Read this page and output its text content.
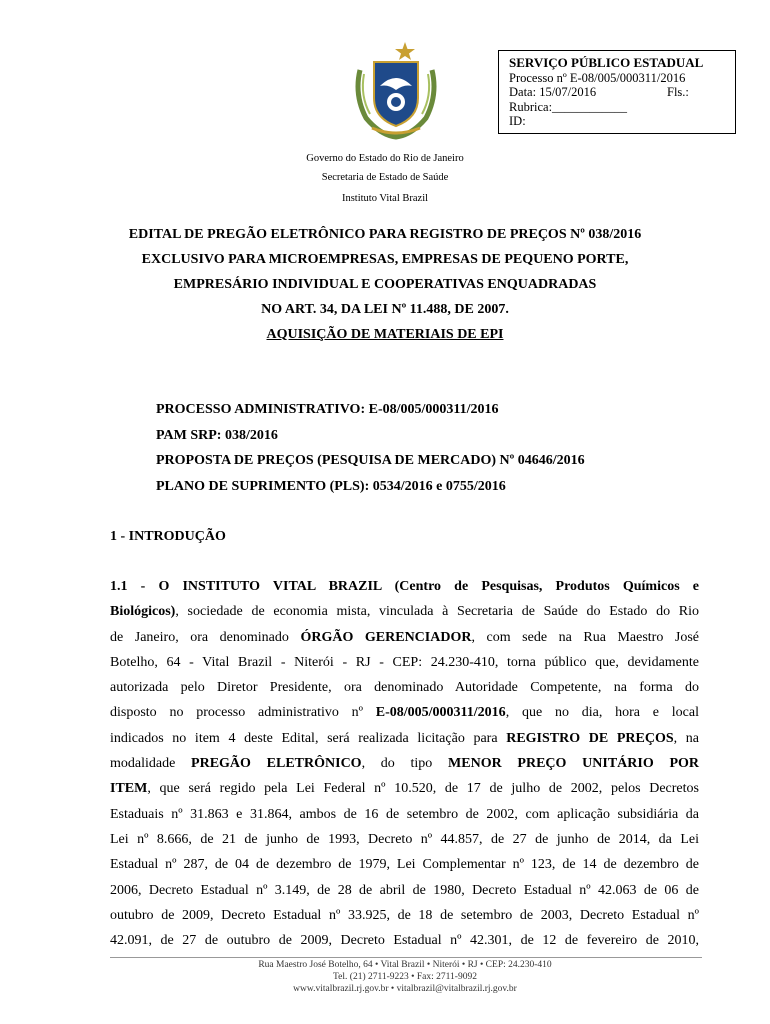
SERVIÇO PÚBLICO ESTADUAL
Processo nº E-08/005/000311/2016
Data: 15/07/2016	Fls.:
Rubrica:____________
ID:
Governo do Estado do Rio de Janeiro
Secretaria de Estado de Saúde
Instituto Vital Brazil
EDITAL DE PREGÃO ELETRÔNICO PARA REGISTRO DE PREÇOS Nº 038/2016
EXCLUSIVO PARA MICROEMPRESAS, EMPRESAS DE PEQUENO PORTE,
EMPRESÁRIO INDIVIDUAL E COOPERATIVAS ENQUADRADAS
NO ART. 34, DA LEI Nº 11.488, DE 2007.
AQUISIÇÃO DE MATERIAIS DE EPI
PROCESSO ADMINISTRATIVO: E-08/005/000311/2016
PAM SRP: 038/2016
PROPOSTA DE PREÇOS (PESQUISA DE MERCADO) Nº 04646/2016
PLANO DE SUPRIMENTO (PLS): 0534/2016 e 0755/2016
1 - INTRODUÇÃO
1.1 - O INSTITUTO VITAL BRAZIL (Centro de Pesquisas, Produtos Químicos e
Biológicos), sociedade de economia mista, vinculada à Secretaria de Saúde do Estado do Rio
de Janeiro, ora denominado ÓRGÃO GERENCIADOR, com sede na Rua Maestro José
Botelho, 64 - Vital Brazil - Niterói - RJ - CEP: 24.230-410, torna público que, devidamente
autorizada pelo Diretor Presidente, ora denominado Autoridade Competente, na forma do
disposto no processo administrativo nº E-08/005/000311/2016, que no dia, hora e local
indicados no item 4 deste Edital, será realizada licitação para REGISTRO DE PREÇOS, na
modalidade PREGÃO ELETRÔNICO, do tipo MENOR PREÇO UNITÁRIO POR
ITEM, que será regido pela Lei Federal nº 10.520, de 17 de julho de 2002, pelos Decretos
Estaduais nº 31.863 e 31.864, ambos de 16 de setembro de 2002, com aplicação subsidiária da
Lei nº 8.666, de 21 de junho de 1993, Decreto nº 44.857, de 27 de junho de 2014, da Lei
Estadual nº 287, de 04 de dezembro de 1979, Lei Complementar nº 123, de 14 de dezembro de
2006, Decreto Estadual nº 3.149, de 28 de abril de 1980, Decreto Estadual nº 42.063 de 06 de
outubro de 2009, Decreto Estadual nº 33.925, de 18 de setembro de 2003, Decreto Estadual nº
42.091, de 27 de outubro de 2009, Decreto Estadual nº 42.301, de 12 de fevereiro de 2010,
Rua Maestro José Botelho, 64 • Vital Brazil • Niterói • RJ • CEP: 24.230-410
Tel. (21) 2711-9223 • Fax: 2711-9092
www.vitalbrazil.rj.gov.br • vitalbrazil@vitalbrazil.rj.gov.br
